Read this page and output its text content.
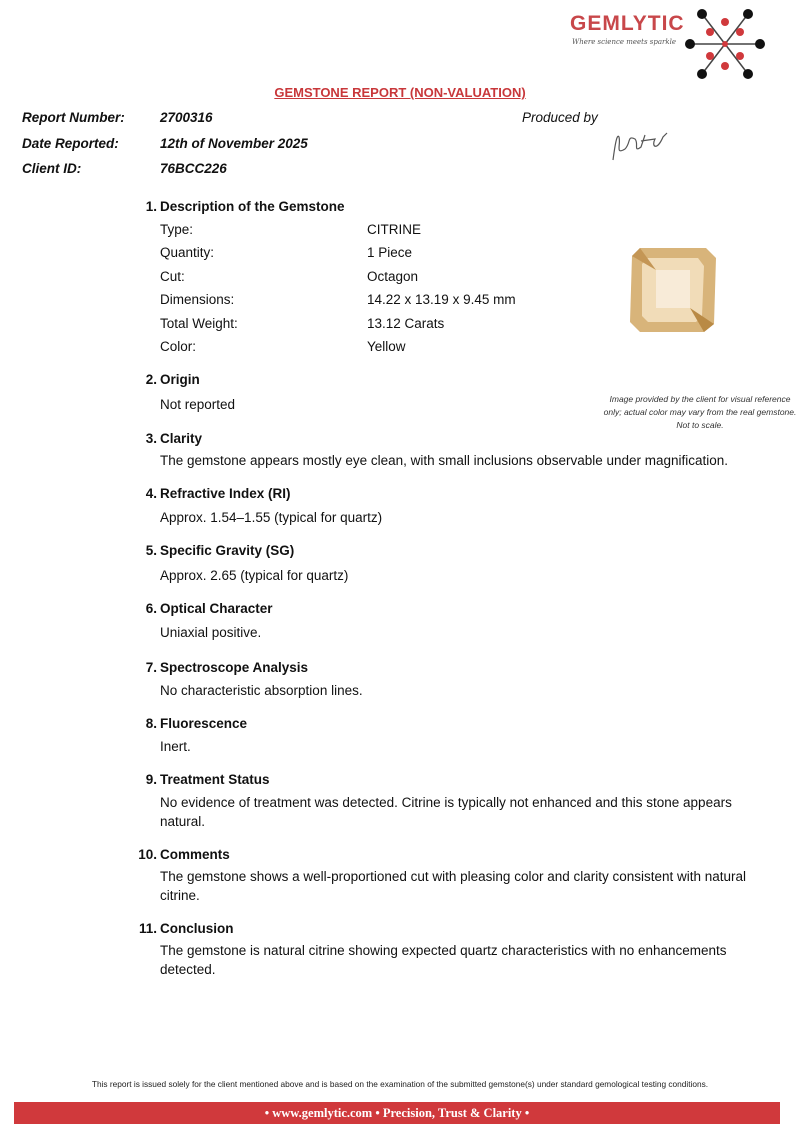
GEMLYTIC
Where science meets sparkle
GEMSTONE REPORT (NON-VALUATION)
Report Number:	2700316
Date Reported:	12th of November 2025
Client ID:	76BCC226
Produced by
1. Description of the Gemstone
Type:	CITRINE
Quantity:	1 Piece
Cut:	Octagon
Dimensions:	14.22 x 13.19 x 9.45 mm
Total Weight:	13.12 Carats
Color:	Yellow
Image provided by the client for visual reference only; actual color may vary from the real gemstone. Not to scale.
2. Origin
Not reported
3. Clarity
The gemstone appears mostly eye clean, with small inclusions observable under magnification.
4. Refractive Index (RI)
Approx. 1.54–1.55 (typical for quartz)
5. Specific Gravity (SG)
Approx. 2.65 (typical for quartz)
6. Optical Character
Uniaxial positive.
7. Spectroscope Analysis
No characteristic absorption lines.
8. Fluorescence
Inert.
9. Treatment Status
No evidence of treatment was detected. Citrine is typically not enhanced and this stone appears natural.
10. Comments
The gemstone shows a well-proportioned cut with pleasing color and clarity consistent with natural citrine.
11. Conclusion
The gemstone is natural citrine showing expected quartz characteristics with no enhancements detected.
This report is issued solely for the client mentioned above and is based on the examination of the submitted gemstone(s) under standard gemological testing conditions.
• www.gemlytic.com • Precision, Trust & Clarity •
